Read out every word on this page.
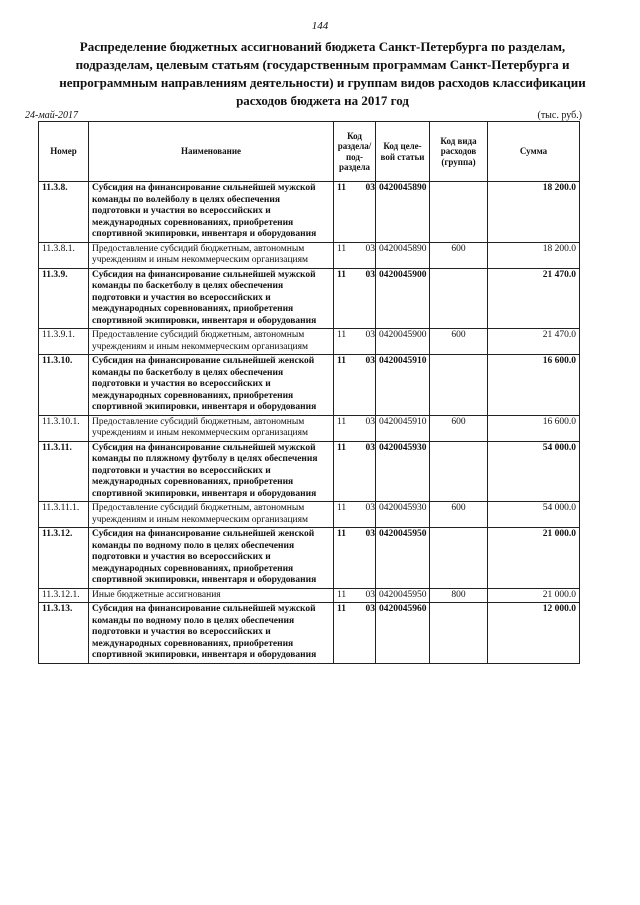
144
Распределение бюджетных ассигнований бюджета Санкт-Петербурга по разделам, подразделам, целевым статьям (государственным программам Санкт-Петербурга и непрограммным направлениям деятельности) и группам видов расходов классификации расходов бюджета на 2017 год
24-май-2017	(тыс. руб.)
Номер	Наименование	Код раздела/ под-раздела	Код целе-вой статьи	Код вида расходов (группа)	Сумма
11.3.8.	Субсидия на финансирование сильнейшей мужской команды по волейболу в целях обеспечения подготовки и участия во всероссийских и международных соревнованиях, приобретения спортивной экипировки, инвентаря и оборудования	11 03	0420045890		18 200.0
11.3.8.1.	Предоставление субсидий бюджетным, автономным учреждениям и иным некоммерческим организациям	11 03	0420045890	600	18 200.0
11.3.9.	Субсидия на финансирование сильнейшей мужской команды по баскетболу в целях обеспечения подготовки и участия во всероссийских и международных соревнованиях, приобретения спортивной экипировки, инвентаря и оборудования	11 03	0420045900		21 470.0
11.3.9.1.	Предоставление субсидий бюджетным, автономным учреждениям и иным некоммерческим организациям	11 03	0420045900	600	21 470.0
11.3.10.	Субсидия на финансирование сильнейшей женской команды по баскетболу в целях обеспечения подготовки и участия во всероссийских и международных соревнованиях, приобретения спортивной экипировки, инвентаря и оборудования	11 03	0420045910		16 600.0
11.3.10.1.	Предоставление субсидий бюджетным, автономным учреждениям и иным некоммерческим организациям	11 03	0420045910	600	16 600.0
11.3.11.	Субсидия на финансирование сильнейшей мужской команды по пляжному футболу в целях обеспечения подготовки и участия во всероссийских и международных соревнованиях, приобретения спортивной экипировки, инвентаря и оборудования	11 03	0420045930		54 000.0
11.3.11.1.	Предоставление субсидий бюджетным, автономным учреждениям и иным некоммерческим организациям	11 03	0420045930	600	54 000.0
11.3.12.	Субсидия на финансирование сильнейшей женской команды по водному поло в целях обеспечения подготовки и участия во всероссийских и международных соревнованиях, приобретения спортивной экипировки, инвентаря и оборудования	11 03	0420045950		21 000.0
11.3.12.1.	Иные бюджетные ассигнования	11 03	0420045950	800	21 000.0
11.3.13.	Субсидия на финансирование сильнейшей мужской команды по водному поло в целях обеспечения подготовки и участия во всероссийских и международных соревнованиях, приобретения спортивной экипировки, инвентаря и оборудования	11 03	0420045960		12 000.0
